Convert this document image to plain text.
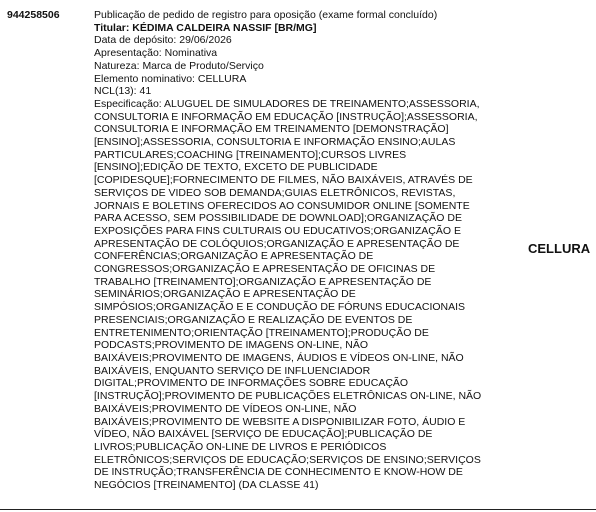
944258506	Publicação de pedido de registro para oposição (exame formal concluído)
Titular: KÉDIMA CALDEIRA NASSIF [BR/MG]
Data de depósito: 29/06/2026
Apresentação: Nominativa
Natureza: Marca de Produto/Serviço
Elemento nominativo: CELLURA
NCL(13): 41
Especificação: ALUGUEL DE SIMULADORES DE TREINAMENTO;ASSESSORIA, CONSULTORIA E INFORMAÇÃO EM EDUCAÇÃO [INSTRUÇÃO];ASSESSORIA, CONSULTORIA E INFORMAÇÃO EM TREINAMENTO [DEMONSTRAÇÃO][ENSINO];ASSESSORIA, CONSULTORIA E INFORMAÇÃO ENSINO;AULAS PARTICULARES;COACHING [TREINAMENTO];CURSOS LIVRES [ENSINO];EDIÇÃO DE TEXTO, EXCETO DE PUBLICIDADE [COPIDESQUE];FORNECIMENTO DE FILMES, NÃO BAIXÁVEIS, ATRAVÉS DE SERVIÇOS DE VIDEO SOB DEMANDA;GUIAS ELETRÔNICOS, REVISTAS, JORNAIS E BOLETINS OFERECIDOS AO CONSUMIDOR ONLINE [SOMENTE PARA ACESSO, SEM POSSIBILIDADE DE DOWNLOAD];ORGANIZAÇÃO DE EXPOSIÇÕES PARA FINS CULTURAIS OU EDUCATIVOS;ORGANIZAÇÃO E APRESENTAÇÃO DE COLÓQUIOS;ORGANIZAÇÃO E APRESENTAÇÃO DE CONFERÊNCIAS;ORGANIZAÇÃO E APRESENTAÇÃO DE CONGRESSOS;ORGANIZAÇÃO E APRESENTAÇÃO DE OFICINAS DE TRABALHO [TREINAMENTO];ORGANIZAÇÃO E APRESENTAÇÃO DE SEMINÁRIOS;ORGANIZAÇÃO E APRESENTAÇÃO DE SIMPÓSIOS;ORGANIZAÇÃO E E CONDUÇÃO DE FÓRUNS EDUCACIONAIS PRESENCIAIS;ORGANIZAÇÃO E REALIZAÇÃO DE EVENTOS DE ENTRETENIMENTO;ORIENTAÇÃO [TREINAMENTO];PRODUÇÃO DE PODCASTS;PROVIMENTO DE IMAGENS ON-LINE, NÃO BAIXÁVEIS;PROVIMENTO DE IMAGENS, ÁUDIOS E VÍDEOS ON-LINE, NÃO BAIXÁVEIS, ENQUANTO SERVIÇO DE INFLUENCIADOR DIGITAL;PROVIMENTO DE INFORMAÇÕES SOBRE EDUCAÇÃO [INSTRUÇÃO];PROVIMENTO DE PUBLICAÇÕES ELETRÔNICAS ON-LINE, NÃO BAIXÁVEIS;PROVIMENTO DE VÍDEOS ON-LINE, NÃO BAIXÁVEIS;PROVIMENTO DE WEBSITE A DISPONIBILIZAR FOTO, ÁUDIO E VÍDEO, NÃO BAIXÁVEL [SERVIÇO DE EDUCAÇÃO];PUBLICAÇÃO DE LIVROS;PUBLICAÇÃO ON-LINE DE LIVROS E PERIÓDICOS ELETRÔNICOS;SERVIÇOS DE EDUCAÇÃO;SERVIÇOS DE ENSINO;SERVIÇOS DE INSTRUÇÃO;TRANSFERÊNCIA DE CONHECIMENTO E KNOW-HOW DE NEGÓCIOS [TREINAMENTO] (DA CLASSE 41)
CELLURA
